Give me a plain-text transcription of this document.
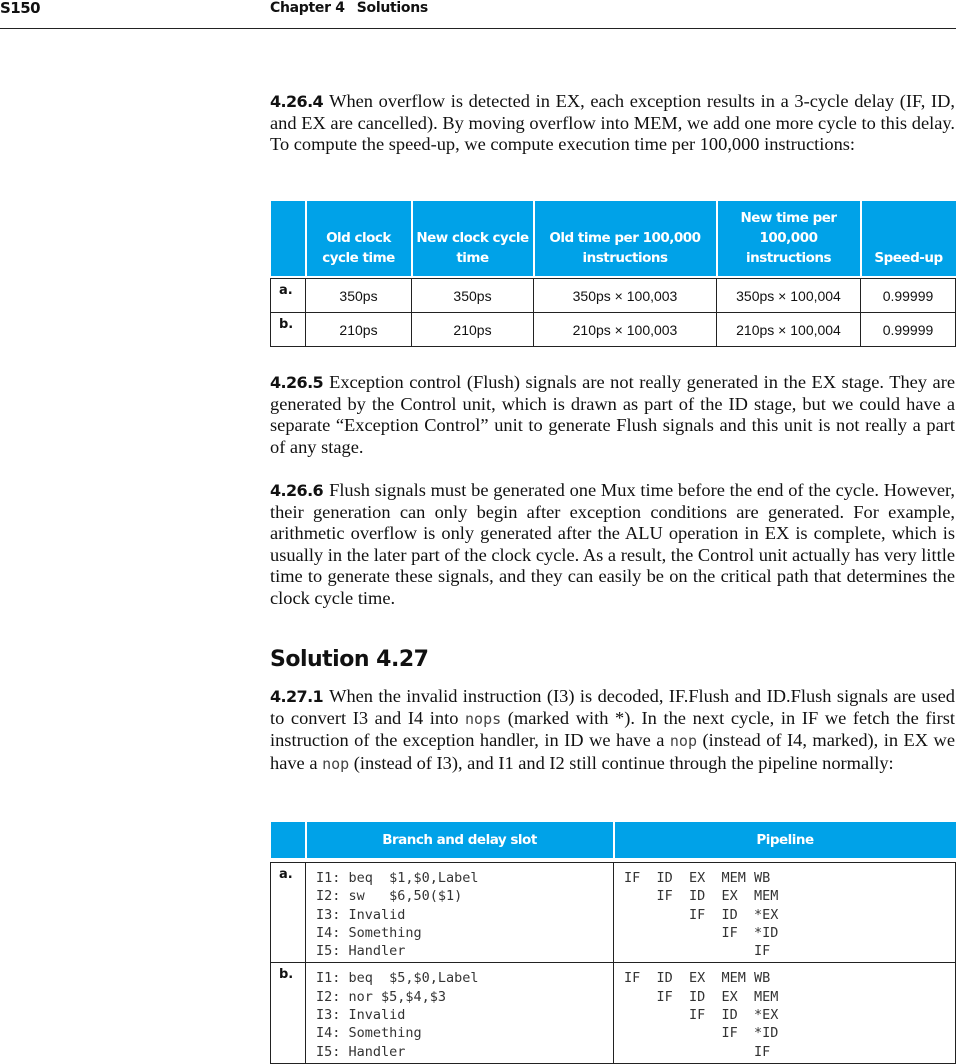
S150	Chapter 4 Solutions

4.26.4 When overflow is detected in EX, each exception results in a 3-cycle delay (IF, ID, and EX are cancelled). By moving overflow into MEM, we add one more cycle to this delay. To compute the speed-up, we compute execution time per 100,000 instructions:

	Old clock cycle time	New clock cycle time	Old time per 100,000 instructions	New time per 100,000 instructions	Speed-up

a.	350ps	350ps	350ps × 100,003	350ps × 100,004	0.99999
b.	210ps	210ps	210ps × 100,003	210ps × 100,004	0.99999

4.26.5 Exception control (Flush) signals are not really generated in the EX stage. They are generated by the Control unit, which is drawn as part of the ID stage, but we could have a separate “Exception Control” unit to generate Flush signals and this unit is not really a part of any stage.

4.26.6 Flush signals must be generated one Mux time before the end of the cycle. However, their generation can only begin after exception conditions are generated. For example, arithmetic overflow is only generated after the ALU operation in EX is complete, which is usually in the later part of the clock cycle. As a result, the Control unit actually has very little time to generate these signals, and they can easily be on the critical path that determines the clock cycle time.

Solution 4.27

4.27.1 When the invalid instruction (I3) is decoded, IF.Flush and ID.Flush signals are used to convert I3 and I4 into nops (marked with *). In the next cycle, in IF we fetch the first instruction of the exception handler, in ID we have a nop (instead of I4, marked), in EX we have a nop (instead of I3), and I1 and I2 still continue through the pipeline normally:

	Branch and delay slot	Pipeline

a.	I1: beq  $1,$0,Label
I2: sw   $6,50($1)
I3: Invalid
I4: Something
I5: Handler	IF  ID  EX  MEM WB
IF  ID  EX  MEM
IF  ID  *EX
IF  *ID
IF
b.	I1: beq  $5,$0,Label
I2: nor $5,$4,$3
I3: Invalid
I4: Something
I5: Handler	IF  ID  EX  MEM WB
IF  ID  EX  MEM
IF  ID  *EX
IF  *ID
IF
